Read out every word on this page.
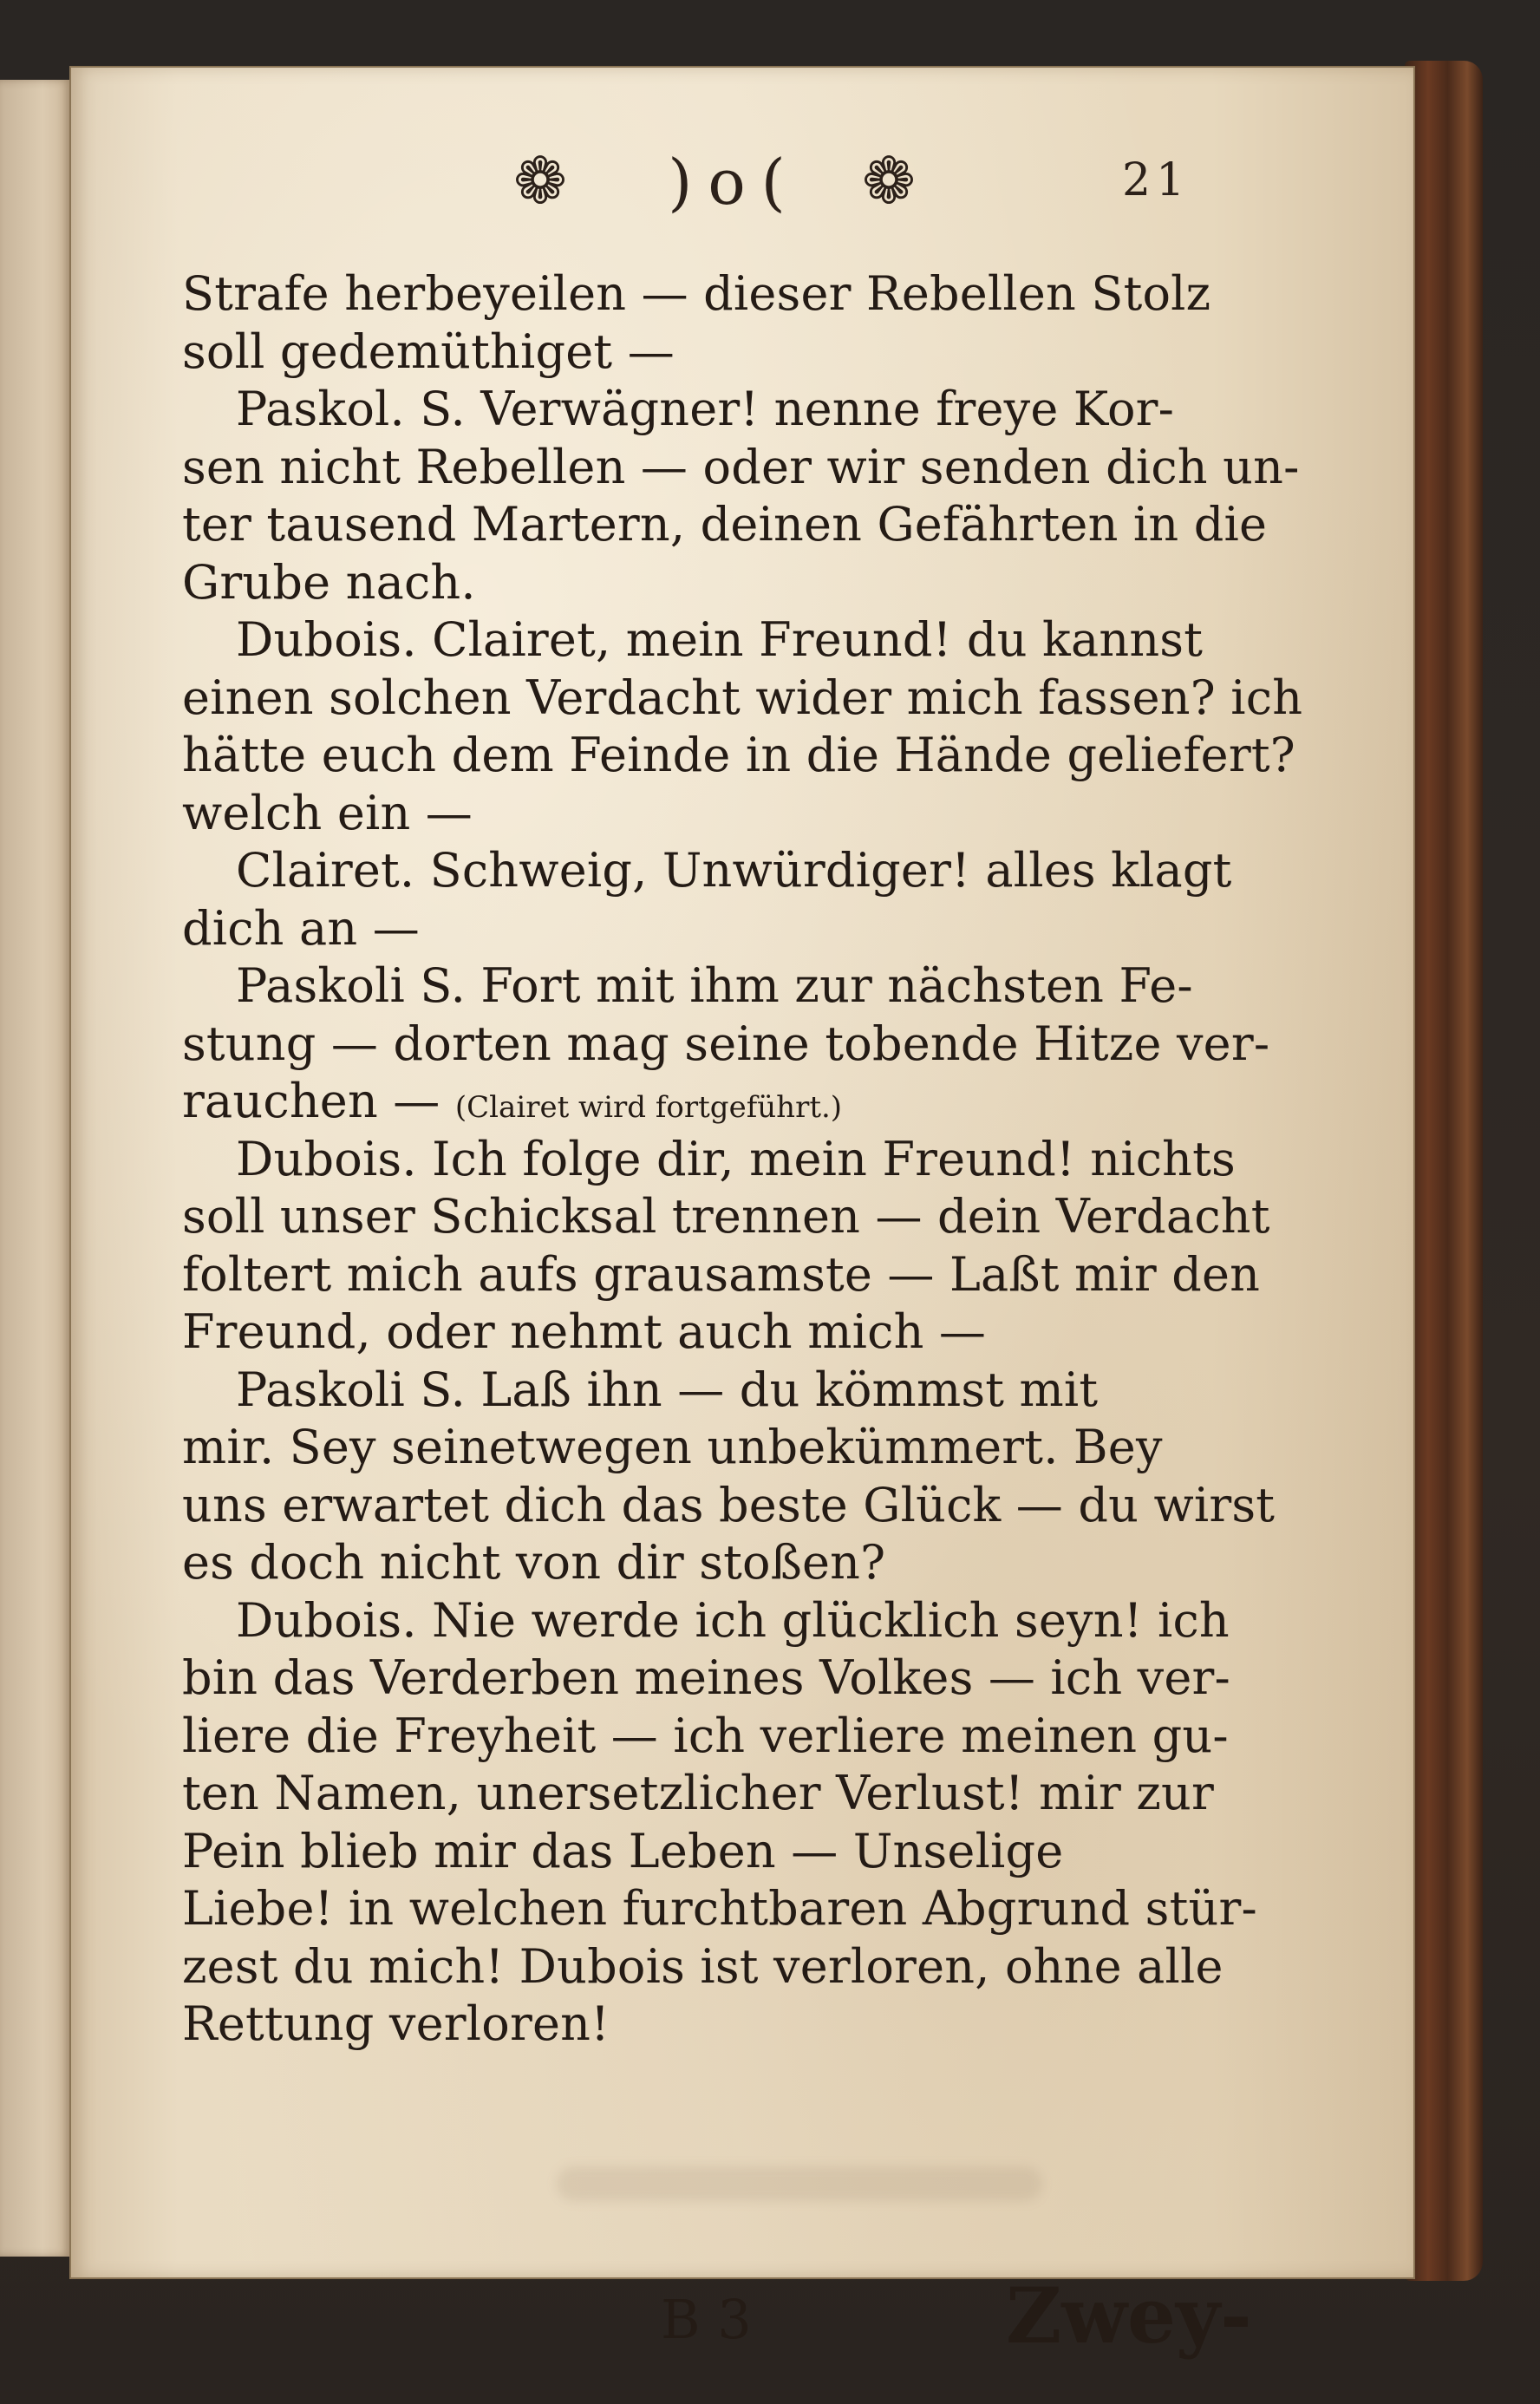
❁	)o( ❁	21
Strafe herbeyeilen — dieser Rebellen Stolz
soll gedemüthiget —
Paskol. S. Verwägner! nenne freye Kor-
sen nicht Rebellen — oder wir senden dich un-
ter tausend Martern, deinen Gefährten in die
Grube nach.
Dubois. Clairet, mein Freund! du kannst
einen solchen Verdacht wider mich fassen? ich
hätte euch dem Feinde in die Hände geliefert?
welch ein —
Clairet. Schweig, Unwürdiger! alles klagt
dich an —
Paskoli S. Fort mit ihm zur nächsten Fe-
stung — dorten mag seine tobende Hitze ver-
rauchen — (Clairet wird fortgeführt.)
Dubois. Ich folge dir, mein Freund! nichts
soll unser Schicksal trennen — dein Verdacht
foltert mich aufs grausamste — Laßt mir den
Freund, oder nehmt auch mich —
Paskoli S. Laß ihn — du kömmst mit
mir. Sey seinetwegen unbekümmert. Bey
uns erwartet dich das beste Glück — du wirst
es doch nicht von dir stoßen?
Dubois. Nie werde ich glücklich seyn! ich
bin das Verderben meines Volkes — ich ver-
liere die Freyheit — ich verliere meinen gu-
ten Namen, unersetzlicher Verlust! mir zur
Pein blieb mir das Leben — Unselige
Liebe! in welchen furchtbaren Abgrund stür-
zest du mich! Dubois ist verloren, ohne alle
Rettung verloren!
B 3	Zwey-
